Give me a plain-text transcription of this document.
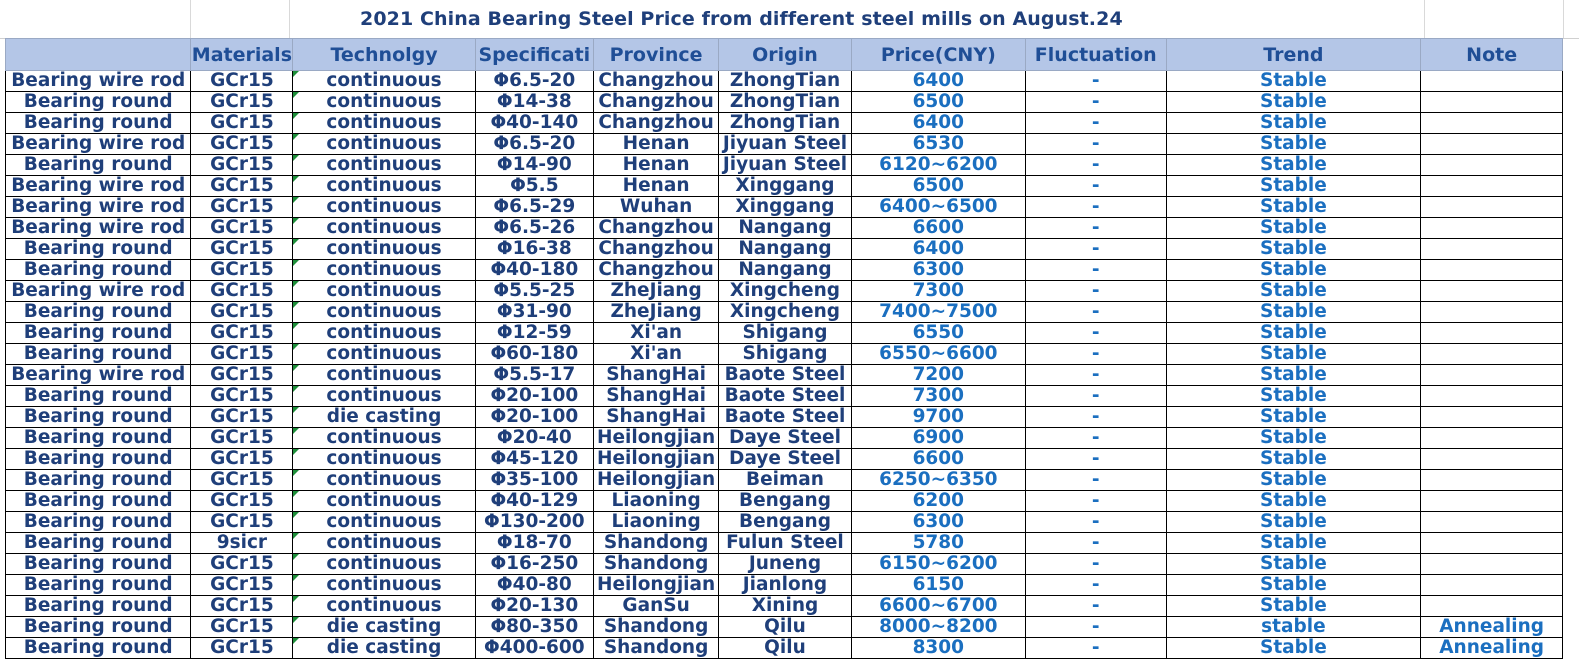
2021 China Bearing Steel Price from different steel mills on August.24
	Materials	Technolgy	Specificati	Province	Origin	Price(CNY)	Fluctuation	Trend	Note
Bearing wire rod	GCr15	continuous	Φ6.5-20	Changzhou	ZhongTian	6400	-	Stable	
Bearing round	GCr15	continuous	Φ14-38	Changzhou	ZhongTian	6500	-	Stable	
Bearing round	GCr15	continuous	Φ40-140	Changzhou	ZhongTian	6400	-	Stable	
Bearing wire rod	GCr15	continuous	Φ6.5-20	Henan	Jiyuan Steel	6530	-	Stable	
Bearing round	GCr15	continuous	Φ14-90	Henan	Jiyuan Steel	6120~6200	-	Stable	
Bearing wire rod	GCr15	continuous	Φ5.5	Henan	Xinggang	6500	-	Stable	
Bearing wire rod	GCr15	continuous	Φ6.5-29	Wuhan	Xinggang	6400~6500	-	Stable	
Bearing wire rod	GCr15	continuous	Φ6.5-26	Changzhou	Nangang	6600	-	Stable	
Bearing round	GCr15	continuous	Φ16-38	Changzhou	Nangang	6400	-	Stable	
Bearing round	GCr15	continuous	Φ40-180	Changzhou	Nangang	6300	-	Stable	
Bearing wire rod	GCr15	continuous	Φ5.5-25	ZheJiang	Xingcheng	7300	-	Stable	
Bearing round	GCr15	continuous	Φ31-90	ZheJiang	Xingcheng	7400~7500	-	Stable	
Bearing round	GCr15	continuous	Φ12-59	Xi'an	Shigang	6550	-	Stable	
Bearing round	GCr15	continuous	Φ60-180	Xi'an	Shigang	6550~6600	-	Stable	
Bearing wire rod	GCr15	continuous	Φ5.5-17	ShangHai	Baote Steel	7200	-	Stable	
Bearing round	GCr15	continuous	Φ20-100	ShangHai	Baote Steel	7300	-	Stable	
Bearing round	GCr15	die casting	Φ20-100	ShangHai	Baote Steel	9700	-	Stable	
Bearing round	GCr15	continuous	Φ20-40	Heilongjian	Daye Steel	6900	-	Stable	
Bearing round	GCr15	continuous	Φ45-120	Heilongjian	Daye Steel	6600	-	Stable	
Bearing round	GCr15	continuous	Φ35-100	Heilongjian	Beiman	6250~6350	-	Stable	
Bearing round	GCr15	continuous	Φ40-129	Liaoning	Bengang	6200	-	Stable	
Bearing round	GCr15	continuous	Φ130-200	Liaoning	Bengang	6300	-	Stable	
Bearing round	9sicr	continuous	Φ18-70	Shandong	Fulun Steel	5780	-	Stable	
Bearing round	GCr15	continuous	Φ16-250	Shandong	Juneng	6150~6200	-	Stable	
Bearing round	GCr15	continuous	Φ40-80	Heilongjian	Jianlong	6150	-	Stable	
Bearing round	GCr15	continuous	Φ20-130	GanSu	Xining	6600~6700	-	Stable	
Bearing round	GCr15	die casting	Φ80-350	Shandong	Qilu	8000~8200	-	stable	Annealing
Bearing round	GCr15	die casting	Φ400-600	Shandong	Qilu	8300	-	Stable	Annealing
